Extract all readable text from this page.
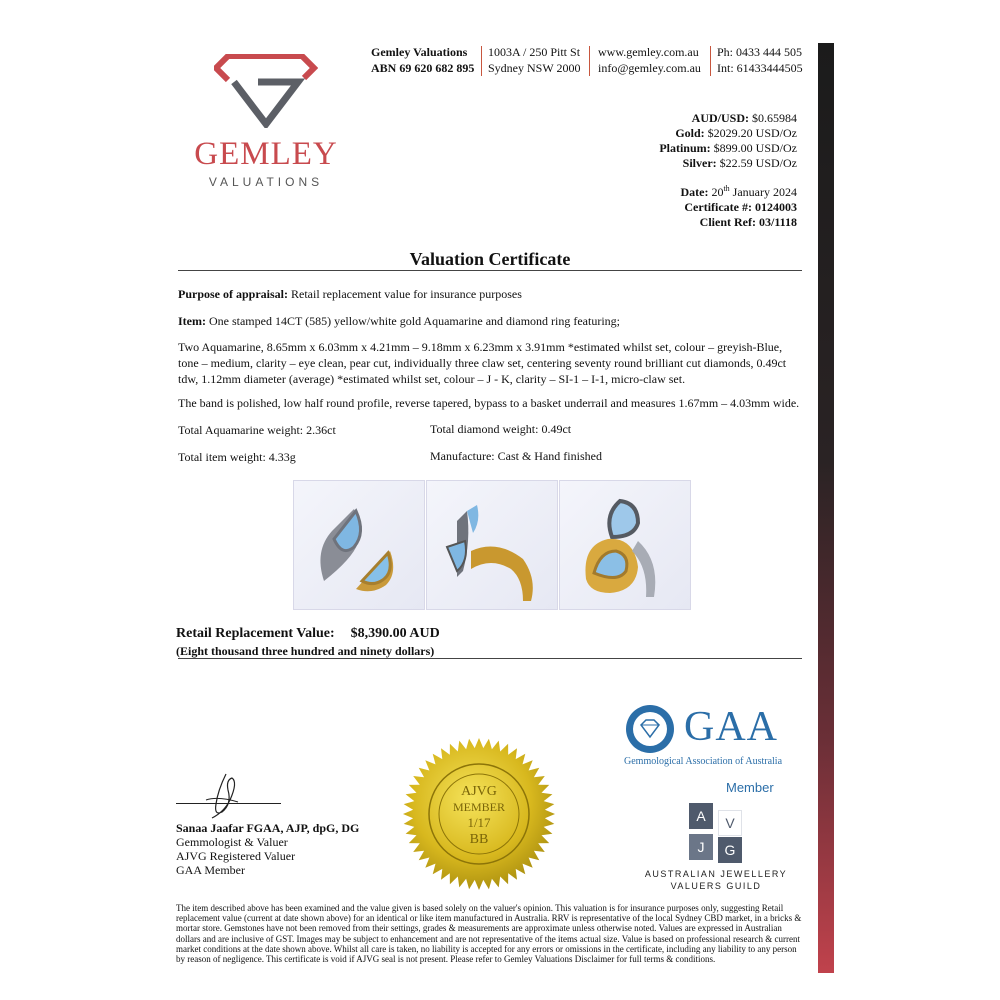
GEMLEY
VALUATIONS
Gemley Valuations
ABN 69 620 682 895
1003A / 250 Pitt St
Sydney NSW 2000
www.gemley.com.au
info@gemley.com.au
Ph: 0433 444 505
Int: 61433444505
AUD/USD: $0.65984
Gold: $2029.20 USD/Oz
Platinum: $899.00 USD/Oz
Silver: $22.59 USD/Oz
Date: 20th January 2024
Certificate #: 0124003
Client Ref: 03/1118
Valuation Certificate
Purpose of appraisal: Retail replacement value for insurance purposes
Item: One stamped 14CT (585) yellow/white gold Aquamarine and diamond ring featuring;
Two Aquamarine, 8.65mm x 6.03mm x 4.21mm – 9.18mm x 6.23mm x 3.91mm *estimated whilst set, colour – greyish-Blue, tone – medium, clarity – eye clean, pear cut, individually three claw set, centering seventy round brilliant cut diamonds, 0.49ct tdw, 1.12mm diameter (average) *estimated whilst set, colour – J - K, clarity – SI-1 – I-1, micro-claw set.
The band is polished, low half round profile, reverse tapered, bypass to a basket underrail and measures 1.67mm – 4.03mm wide.
Total Aquamarine weight: 2.36ct	Total diamond weight: 0.49ct
Total item weight: 4.33g	Manufacture: Cast & Hand finished
Retail Replacement Value: $8,390.00 AUD
(Eight thousand three hundred and ninety dollars)
AJVG
MEMBER
1/17
BB
Sanaa Jaafar FGAA, AJP, dpG, DG
Gemmologist & Valuer
AJVG Registered Valuer
GAA Member
GAA
Gemmological Association of Australia
Member
A	V
J	G
AUSTRALIAN JEWELLERY
VALUERS GUILD
The item described above has been examined and the value given is based solely on the valuer's opinion. This valuation is for insurance purposes only, suggesting Retail replacement value (current at date shown above) for an identical or like item manufactured in Australia. RRV is representative of the local Sydney CBD market, in a bricks & mortar store. Gemstones have not been removed from their settings, grades & measurements are approximate unless otherwise noted. Values are expressed in Australian dollars and are inclusive of GST. Images may be subject to enhancement and are not representative of the items actual size. Value is based on professional research & current market conditions at the date shown above. Whilst all care is taken, no liability is accepted for any errors or omissions in the certificate, including any liability to any person by reason of negligence. This certificate is void if AJVG seal is not present. Please refer to Gemley Valuations Disclaimer for full terms & conditions.
